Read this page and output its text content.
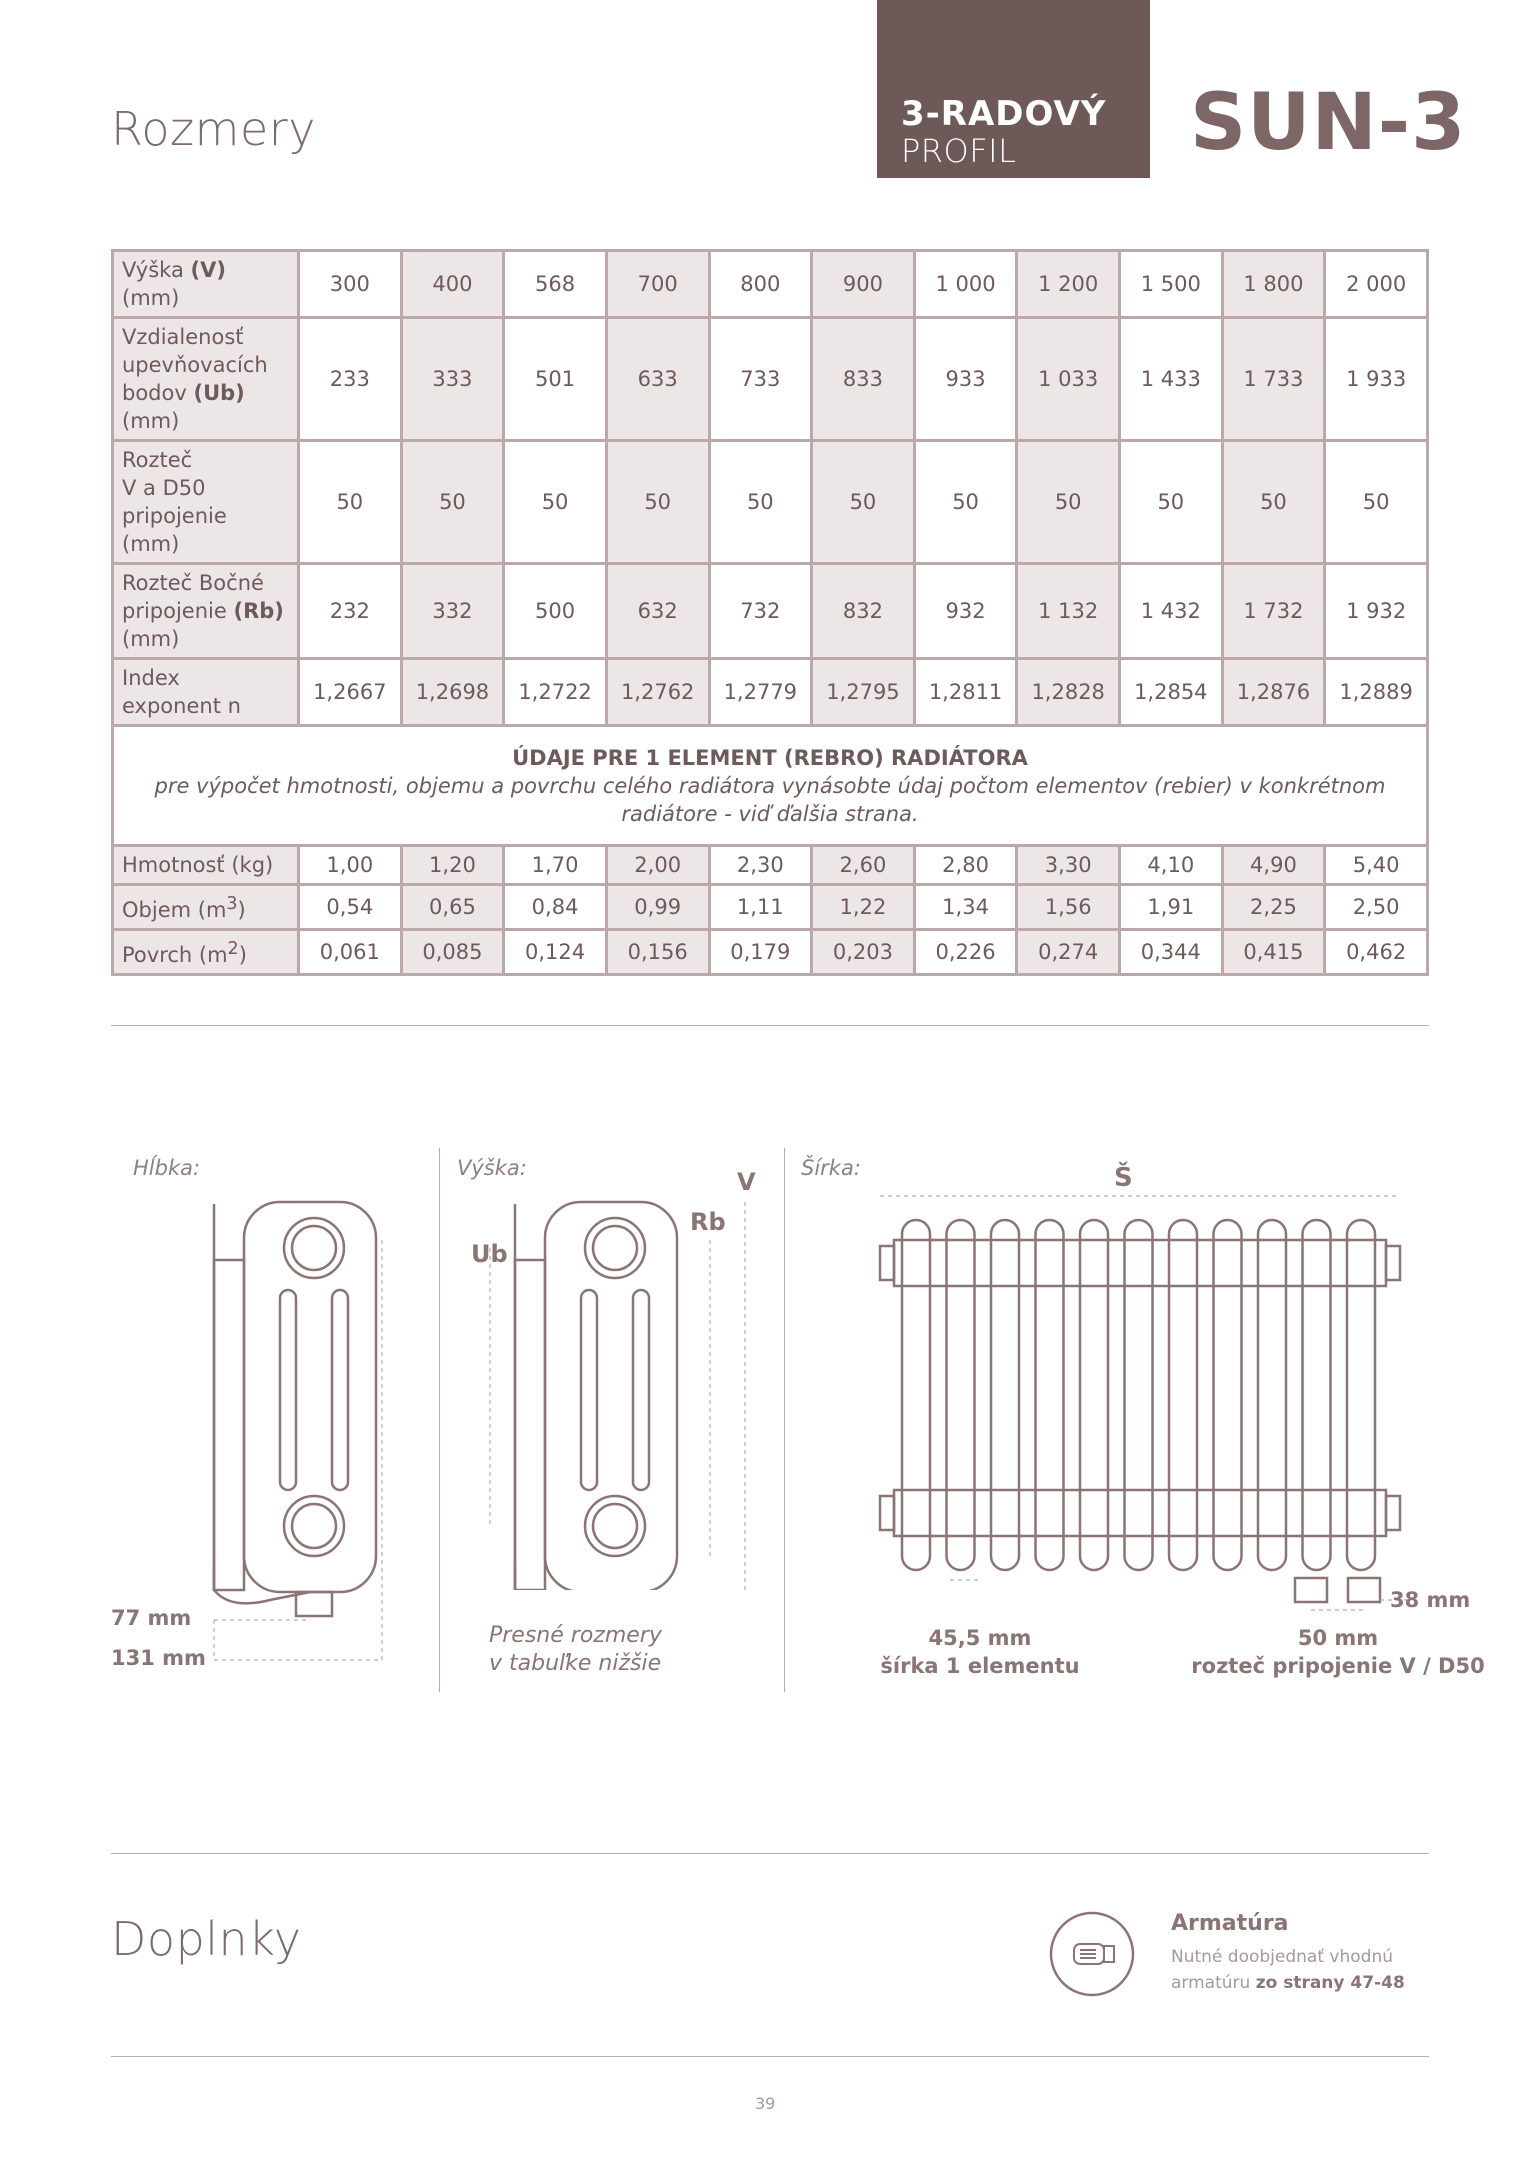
Rozmery	3-RADOVÝ
PROFIL SUN-3
Výška (V) (mm)	300	400	568	700	800	900	1 000	1 200	1 500	1 800	2 000
Vzdialenosť
upevňovacích
bodov (Ub)
(mm)	233	333	501	633	733	833	933	1 033	1 433	1 733	1 933
Rozteč
V a D50
pripojenie
(mm)	50	50	50	50	50	50	50	50	50	50	50
Rozteč Bočné
pripojenie (Rb)
(mm)	232	332	500	632	732	832	932	1 132	1 432	1 732	1 932
Index
exponent n	1,2667	1,2698	1,2722	1,2762	1,2779	1,2795	1,2811	1,2828	1,2854	1,2876	1,2889

ÚDAJE PRE 1 ELEMENT (REBRO) RADIÁTORA
pre výpočet hmotnosti, objemu a povrchu celého radiátora vynásobte údaj počtom elementov (rebier) v konkrétnom radiátore - viď ďalšia strana.											

Hmotnosť (kg)	1,00	1,20	1,70	2,00	2,30	2,60	2,80	3,30	4,10	4,90	5,40
Objem $(m^3)$	0,54	0,65	0,84	0,99	1,11	1,22	1,34	1,56	1,91	2,25	2,50
Povrch $(m^2)$	0,061	0,085	0,124	0,156	0,179	0,203	0,226	0,274	0,344	0,415	0,462
Hĺbka:	Výška:	Šírka:
77 mm
131 mm
V
Rb
Ub
Presné rozmery
v tabuľke nižšie
Š
38 mm
45,5 mm
šírka 1 elementu
50 mm
rozteč pripojenie V / D50
Doplnky	Armatúra
Nutné doobjednať vhodnú
armatúru zo strany 47-48
39
